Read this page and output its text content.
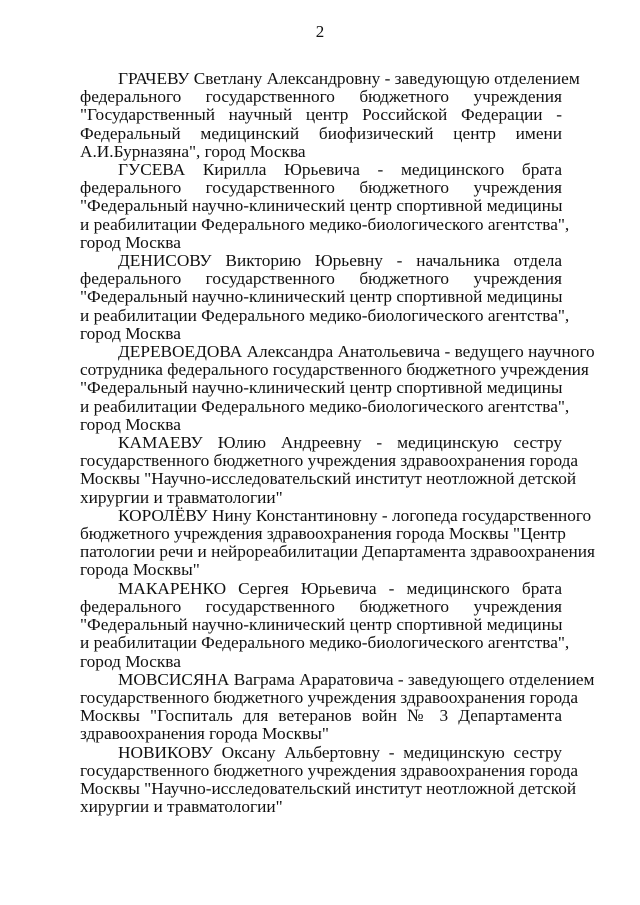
2
ГРАЧЕВУ Светлану Александровну - заведующую отделением
федерального государственного бюджетного учреждения
"Государственный научный центр Российской Федерации -
Федеральный медицинский биофизический центр имени
А.И.Бурназяна", город Москва
ГУСЕВА Кирилла Юрьевича - медицинского брата
федерального государственного бюджетного учреждения
"Федеральный научно-клинический центр спортивной медицины
и реабилитации Федерального медико-биологического агентства",
город Москва
ДЕНИСОВУ Викторию Юрьевну - начальника отдела
федерального государственного бюджетного учреждения
"Федеральный научно-клинический центр спортивной медицины
и реабилитации Федерального медико-биологического агентства",
город Москва
ДЕРЕВОЕДОВА Александра Анатольевича - ведущего научного
сотрудника федерального государственного бюджетного учреждения
"Федеральный научно-клинический центр спортивной медицины
и реабилитации Федерального медико-биологического агентства",
город Москва
КАМАЕВУ Юлию Андреевну - медицинскую сестру
государственного бюджетного учреждения здравоохранения города
Москвы "Научно-исследовательский институт неотложной детской
хирургии и травматологии"
КОРОЛЁВУ Нину Константиновну - логопеда государственного
бюджетного учреждения здравоохранения города Москвы "Центр
патологии речи и нейрореабилитации Департамента здравоохранения
города Москвы"
МАКАРЕНКО Сергея Юрьевича - медицинского брата
федерального государственного бюджетного учреждения
"Федеральный научно-клинический центр спортивной медицины
и реабилитации Федерального медико-биологического агентства",
город Москва
МОВСИСЯНА Ваграма Араратовича - заведующего отделением
государственного бюджетного учреждения здравоохранения города
Москвы "Госпиталь для ветеранов войн № 3 Департамента
здравоохранения города Москвы"
НОВИКОВУ Оксану Альбертовну - медицинскую сестру
государственного бюджетного учреждения здравоохранения города
Москвы "Научно-исследовательский институт неотложной детской
хирургии и травматологии"
